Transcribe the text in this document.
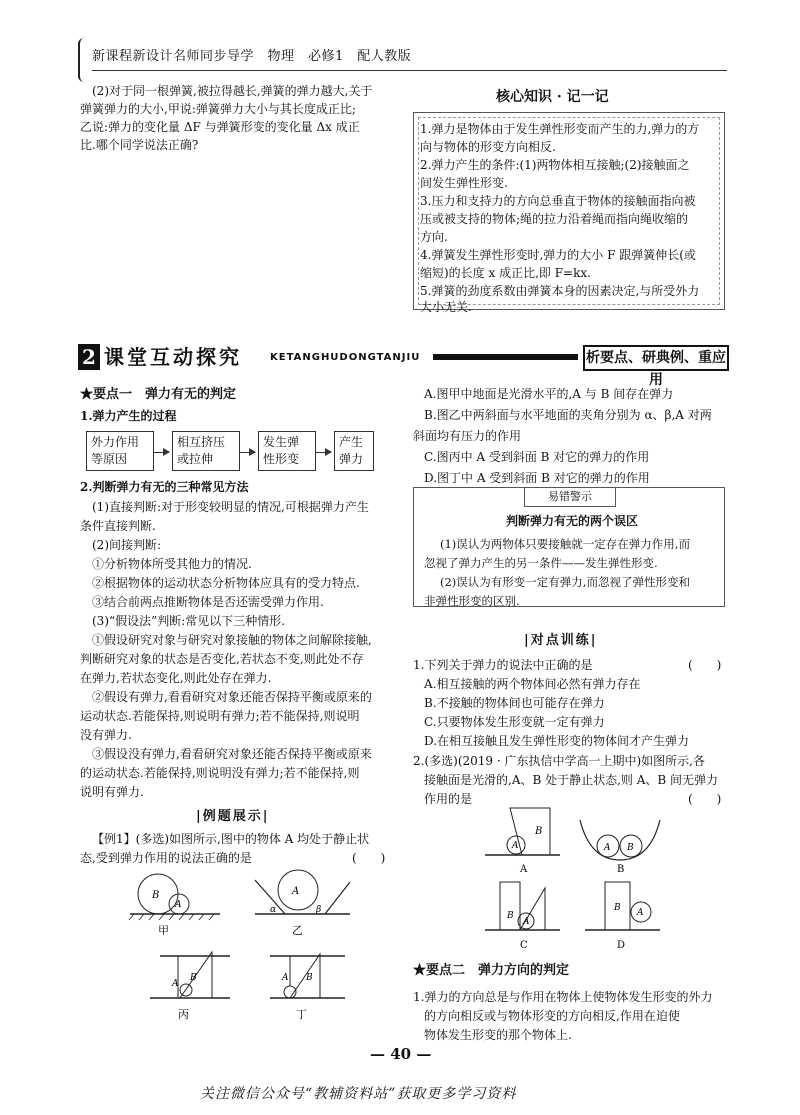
新课程新设计名师同步导学　物理　必修1　配人教版
(2)对于同一根弹簧,被拉得越长,弹簧的弹力越大,关于
弹簧弹力的大小,甲说:弹簧弹力大小与其长度成正比;
乙说:弹力的变化量 ΔF 与弹簧形变的变化量 Δx 成正
比.哪个同学说法正确?
核心知识 · 记一记
1.弹力是物体由于发生弹性形变而产生的力,弹力的方
向与物体的形变方向相反.
2.弹力产生的条件:(1)两物体相互接触;(2)接触面之
间发生弹性形变.
3.压力和支持力的方向总垂直于物体的接触面指向被
压或被支持的物体;绳的拉力沿着绳而指向绳收缩的
方向.
4.弹簧发生弹性形变时,弹力的大小 F 跟弹簧伸长(或
缩短)的长度 x 成正比,即 F=kx.
5.弹簧的劲度系数由弹簧本身的因素决定,与所受外力
大小无关.
2 课堂互动探究	KETANGHUDONGTANJIU	析要点、研典例、重应用
★要点一　弹力有无的判定
1.弹力产生的过程
外力作用
等原因
相互挤压
或拉伸
发生弹
性形变
产生
弹力
2.判断弹力有无的三种常见方法
(1)直接判断:对于形变较明显的情况,可根据弹力产生
条件直接判断.
(2)间接判断:
①分析物体所受其他力的情况.
②根据物体的运动状态分析物体应具有的受力特点.
③结合前两点推断物体是否还需受弹力作用.
(3)“假设法”判断:常见以下三种情形.
①假设研究对象与研究对象接触的物体之间解除接触,
判断研究对象的状态是否变化,若状态不变,则此处不存
在弹力,若状态变化,则此处存在弹力.
②假设有弹力,看看研究对象还能否保持平衡或原来的
运动状态.若能保持,则说明有弹力;若不能保持,则说明
没有弹力.
③假设没有弹力,看看研究对象还能否保持平衡或原来
的运动状态.若能保持,则说明没有弹力;若不能保持,则
说明有弹力.
|例题展示|
【例1】(多选)如图所示,图中的物体 A 均处于静止状
态,受到弹力作用的说法正确的是	(　　)
B
A
甲
A
α	β
乙
A
B
丙
A B
丁
A.图甲中地面是光滑水平的,A 与 B 间存在弹力
B.图乙中两斜面与水平地面的夹角分别为 α、β,A 对两
斜面均有压力的作用
C.图丙中 A 受到斜面 B 对它的弹力的作用
D.图丁中 A 受到斜面 B 对它的弹力的作用
易错警示
判断弹力有无的两个误区
(1)误认为两物体只要接触就一定存在弹力作用,而
忽视了弹力产生的另一条件——发生弹性形变.
(2)误认为有形变一定有弹力,而忽视了弹性形变和
非弹性形变的区别.
|对点训练|
1.下列关于弹力的说法中正确的是	(　　)
A.相互接触的两个物体间必然有弹力存在
B.不接触的物体间也可能存在弹力
C.只要物体发生形变就一定有弹力
D.在相互接触且发生弹性形变的物体间才产生弹力
2.(多选)(2019 · 广东执信中学高一上期中)如图所示,各
接触面是光滑的,A、B 处于静止状态,则 A、B 间无弹力
作用的是	(　　)
A
B
A
A B
B
B
A
C
B A
D
★要点二　弹力方向的判定
1.弹力的方向总是与作用在物体上使物体发生形变的外力
的方向相反或与物体形变的方向相反,作用在迫使
物体发生形变的那个物体上.
— 40 —
关注微信公众号“教辅资料站”获取更多学习资料
